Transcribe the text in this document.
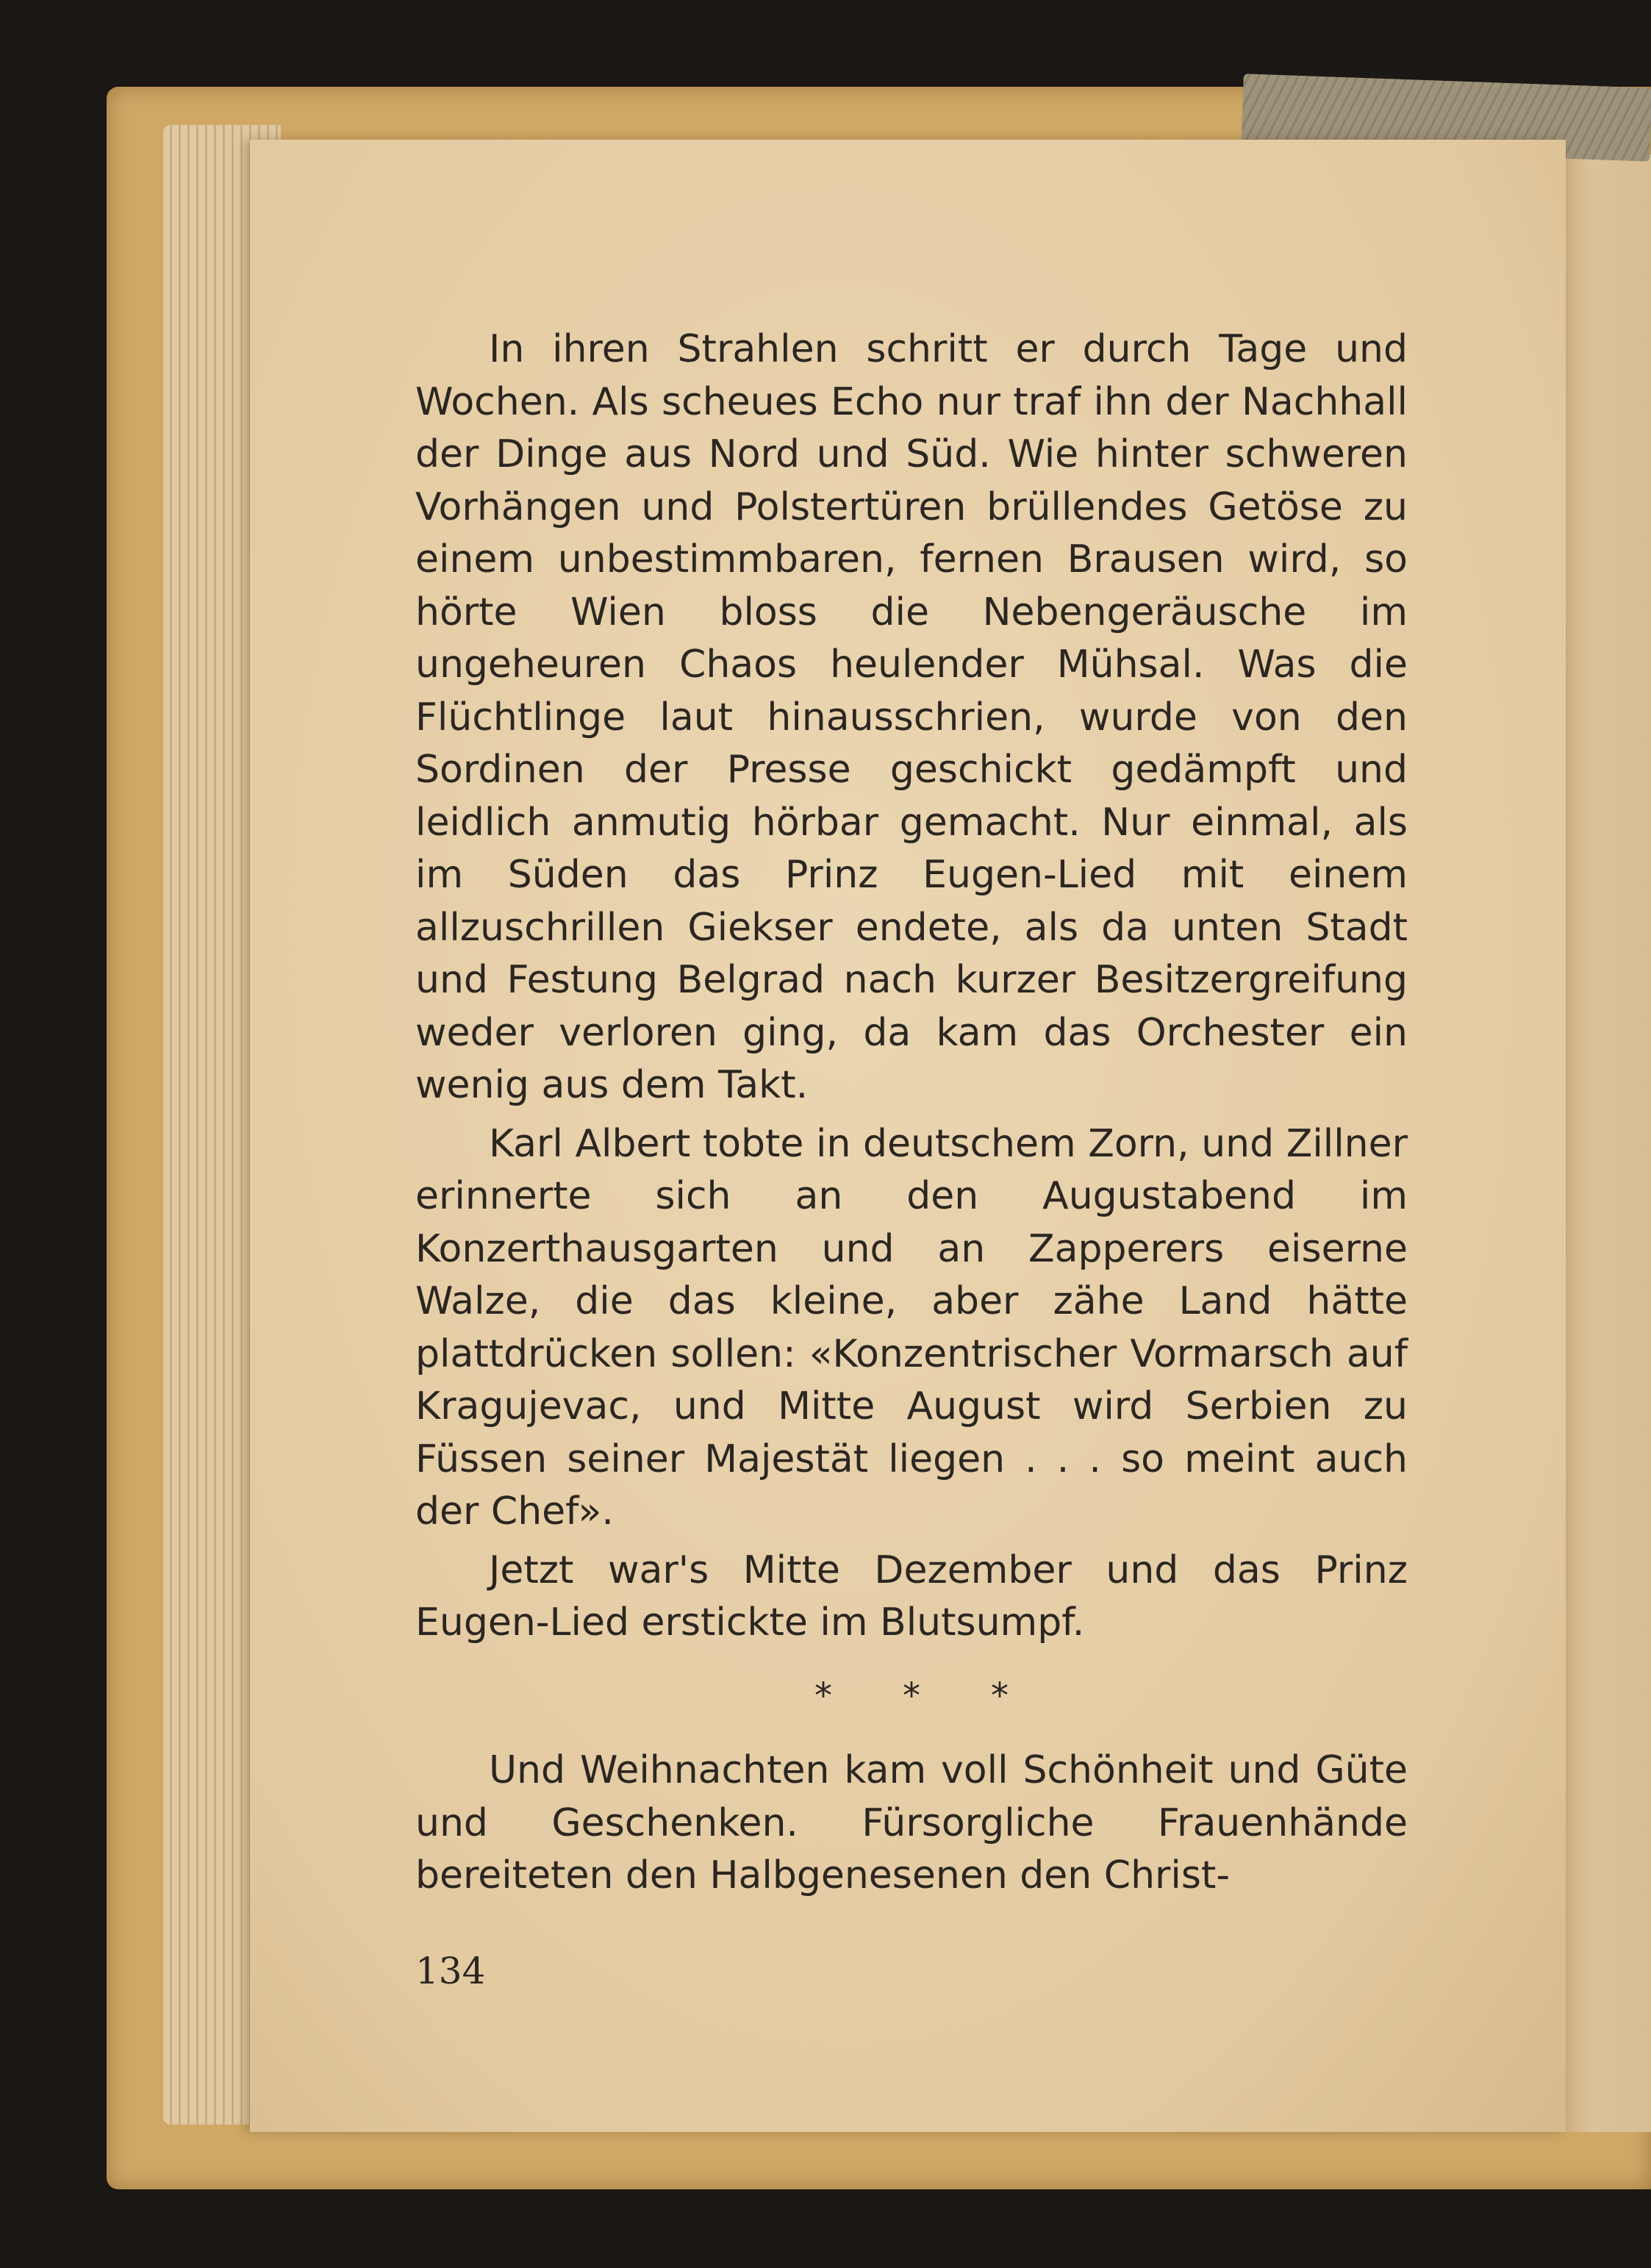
In ihren Strahlen schritt er durch Tage und Wochen. Als scheues Echo nur traf ihn der Nachhall der Dinge aus Nord und Süd. Wie hinter schweren Vorhängen und Polstertüren brüllendes Getöse zu einem unbestimmbaren, fernen Brausen wird, so hörte Wien bloss die Nebengeräusche im ungeheuren Chaos heulender Mühsal. Was die Flüchtlinge laut hinausschrien, wurde von den Sordinen der Presse geschickt gedämpft und leidlich anmutig hörbar gemacht. Nur einmal, als im Süden das Prinz Eugen-Lied mit einem allzuschrillen Giekser endete, als da unten Stadt und Festung Belgrad nach kurzer Besitzergreifung weder verloren ging, da kam das Orchester ein wenig aus dem Takt.

Karl Albert tobte in deutschem Zorn, und Zillner erinnerte sich an den Augustabend im Konzerthausgarten und an Zapperers eiserne Walze, die das kleine, aber zähe Land hätte plattdrücken sollen: «Konzentrischer Vormarsch auf Kragujevac, und Mitte August wird Serbien zu Füssen seiner Majestät liegen . . . so meint auch der Chef».

Jetzt war's Mitte Dezember und das Prinz Eugen-Lied erstickte im Blutsumpf.

* * *

Und Weihnachten kam voll Schönheit und Güte und Geschenken. Fürsorgliche Frauenhände bereiteten den Halbgenesenen den Christ-

134
